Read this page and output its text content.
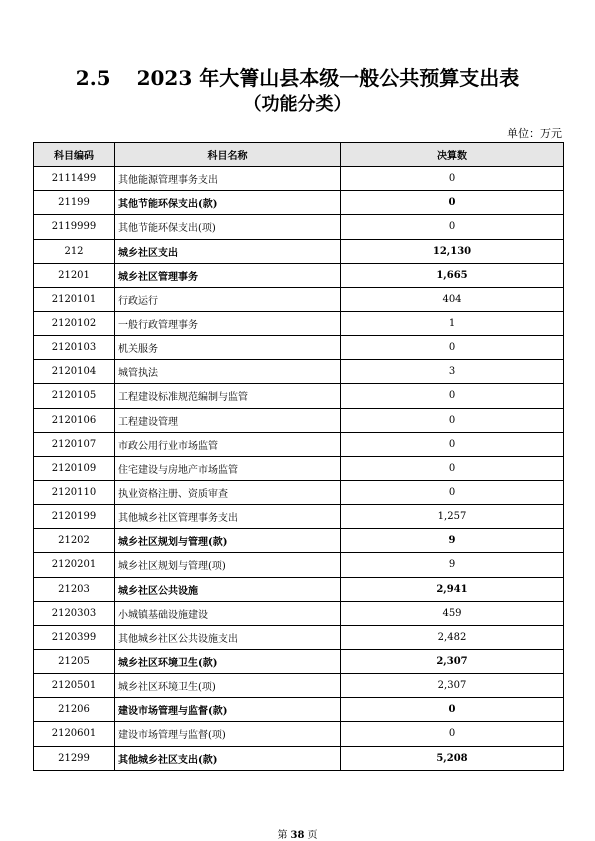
2.5 2023 年大箐山县本级一般公共预算支出表
（功能分类）
单位：万元
科目编码	科目名称	决算数
2111499	其他能源管理事务支出	0
21199	其他节能环保支出(款)	0
2119999	其他节能环保支出(项)	0
212	城乡社区支出	12,130
21201	城乡社区管理事务	1,665
2120101	行政运行	404
2120102	一般行政管理事务	1
2120103	机关服务	0
2120104	城管执法	3
2120105	工程建设标准规范编制与监管	0
2120106	工程建设管理	0
2120107	市政公用行业市场监管	0
2120109	住宅建设与房地产市场监管	0
2120110	执业资格注册、资质审查	0
2120199	其他城乡社区管理事务支出	1,257
21202	城乡社区规划与管理(款)	9
2120201	城乡社区规划与管理(项)	9
21203	城乡社区公共设施	2,941
2120303	小城镇基础设施建设	459
2120399	其他城乡社区公共设施支出	2,482
21205	城乡社区环境卫生(款)	2,307
2120501	城乡社区环境卫生(项)	2,307
21206	建设市场管理与监督(款)	0
2120601	建设市场管理与监督(项)	0
21299	其他城乡社区支出(款)	5,208
第 38 页
